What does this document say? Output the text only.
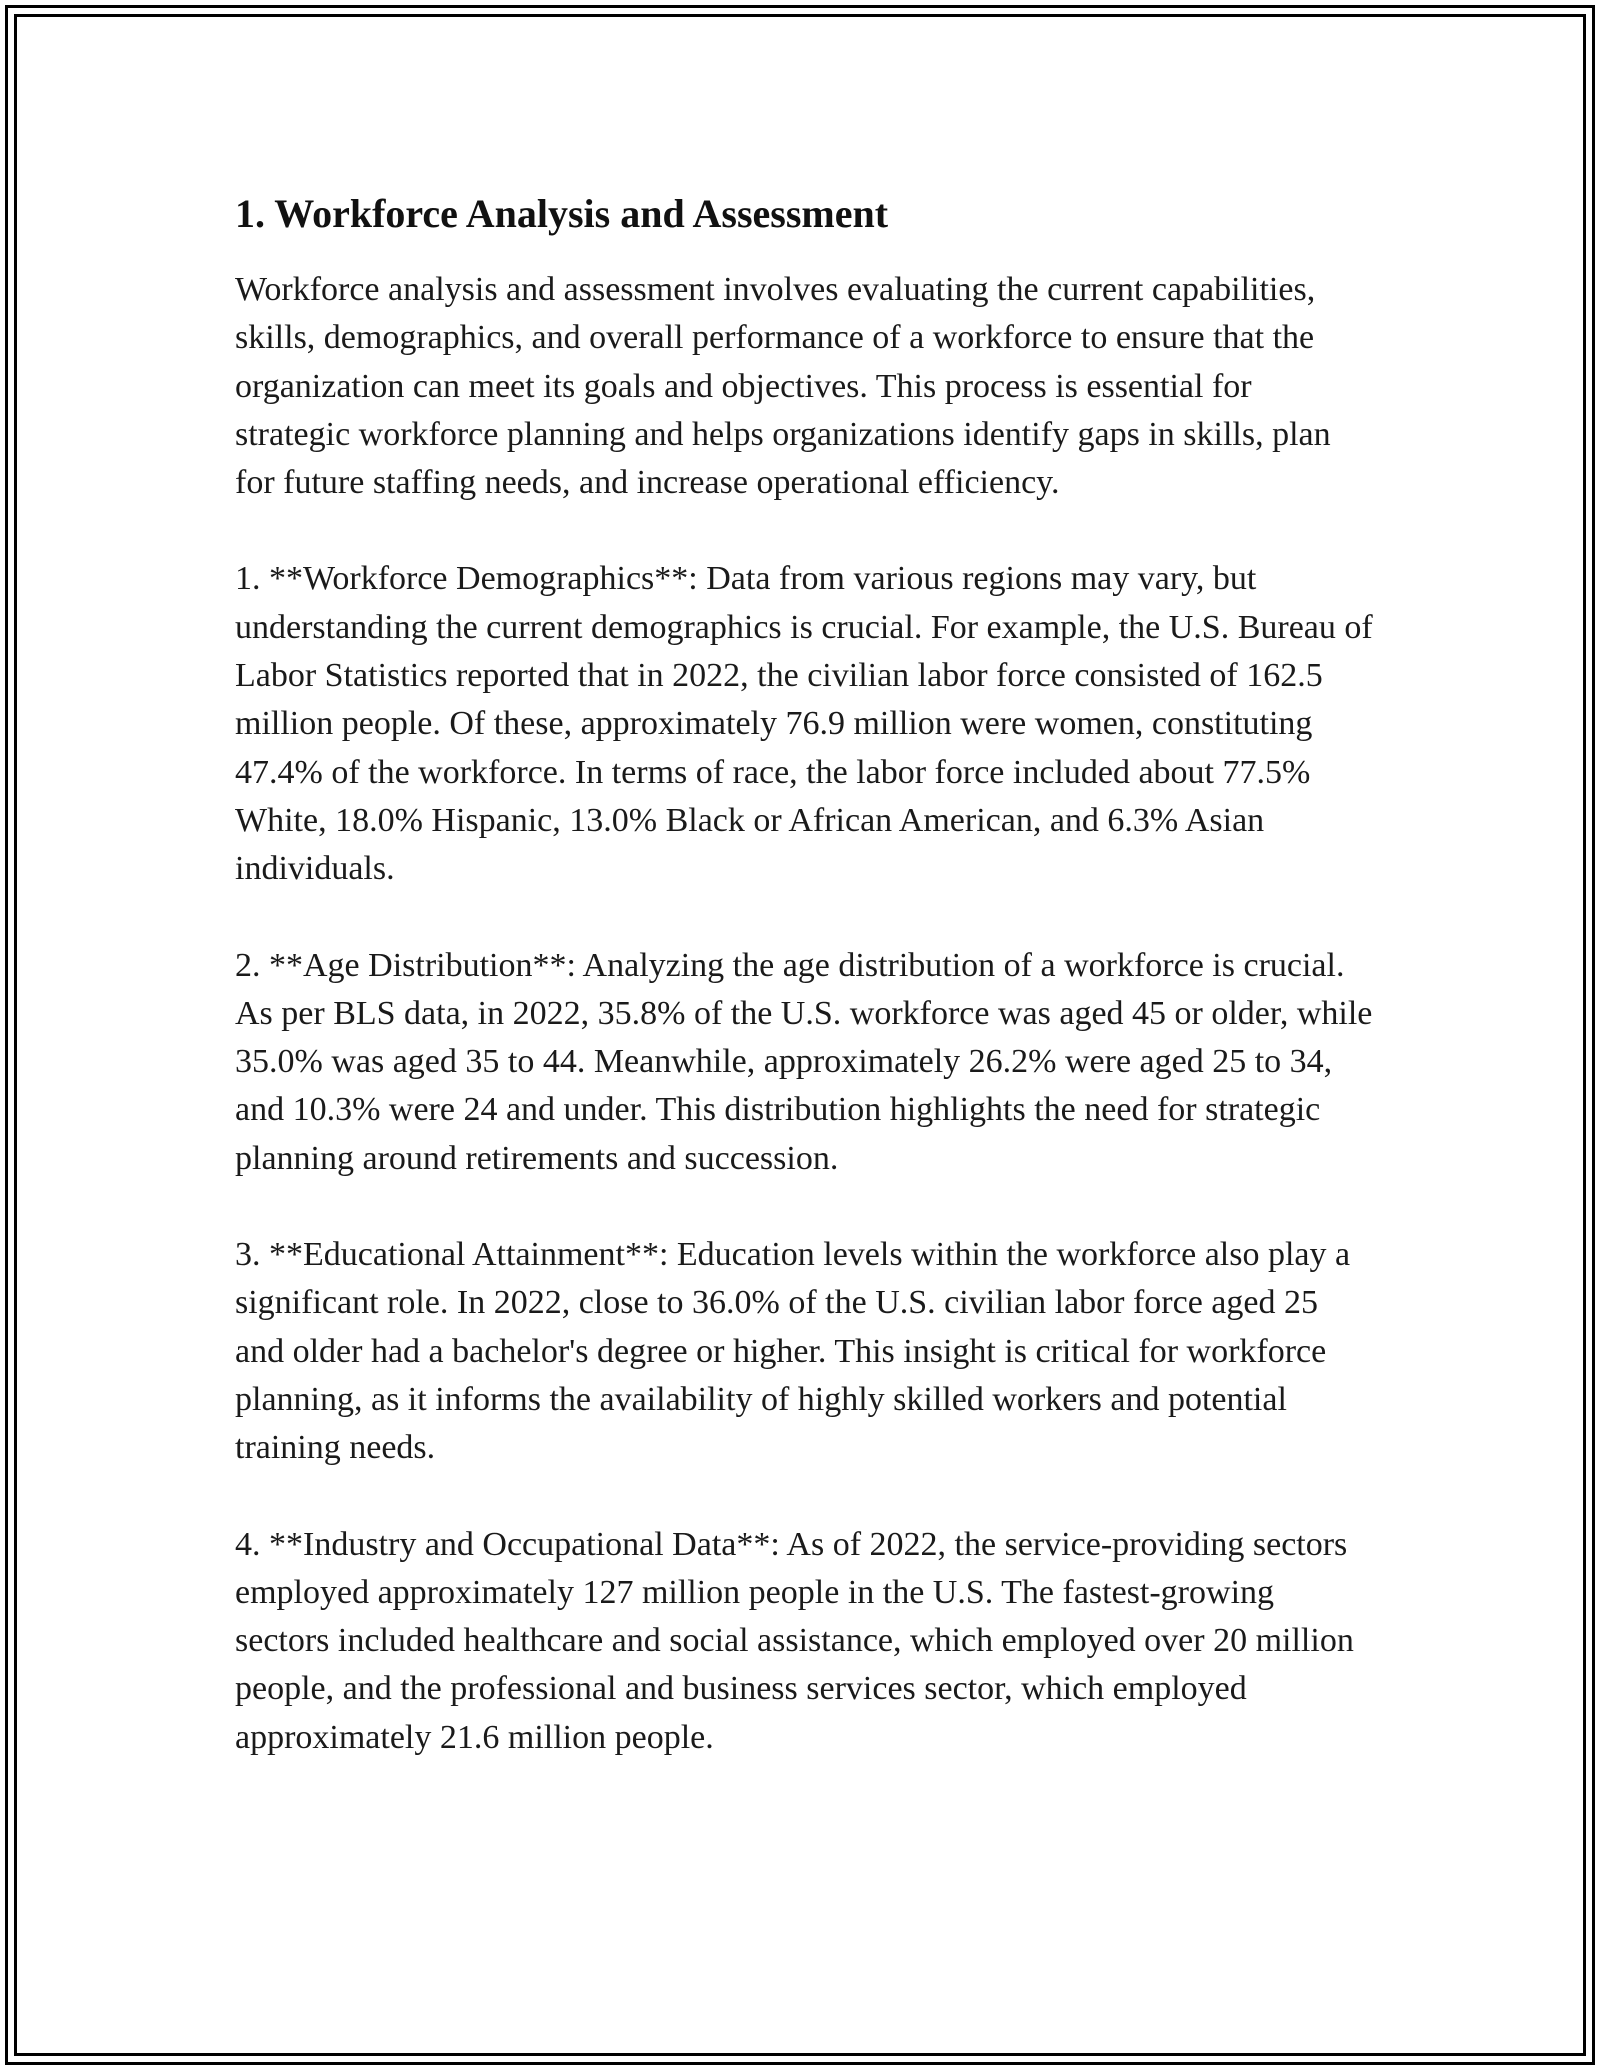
1. Workforce Analysis and Assessment

Workforce analysis and assessment involves evaluating the current capabilities, skills, demographics, and overall performance of a workforce to ensure that the organization can meet its goals and objectives. This process is essential for strategic workforce planning and helps organizations identify gaps in skills, plan for future staffing needs, and increase operational efficiency.

1. **Workforce Demographics**: Data from various regions may vary, but understanding the current demographics is crucial. For example, the U.S. Bureau of Labor Statistics reported that in 2022, the civilian labor force consisted of 162.5 million people. Of these, approximately 76.9 million were women, constituting 47.4% of the workforce. In terms of race, the labor force included about 77.5% White, 18.0% Hispanic, 13.0% Black or African American, and 6.3% Asian individuals.

2. **Age Distribution**: Analyzing the age distribution of a workforce is crucial. As per BLS data, in 2022, 35.8% of the U.S. workforce was aged 45 or older, while 35.0% was aged 35 to 44. Meanwhile, approximately 26.2% were aged 25 to 34, and 10.3% were 24 and under. This distribution highlights the need for strategic planning around retirements and succession.

3. **Educational Attainment**: Education levels within the workforce also play a significant role. In 2022, close to 36.0% of the U.S. civilian labor force aged 25 and older had a bachelor's degree or higher. This insight is critical for workforce planning, as it informs the availability of highly skilled workers and potential training needs.

4. **Industry and Occupational Data**: As of 2022, the service-providing sectors employed approximately 127 million people in the U.S. The fastest-growing sectors included healthcare and social assistance, which employed over 20 million people, and the professional and business services sector, which employed approximately 21.6 million people.
